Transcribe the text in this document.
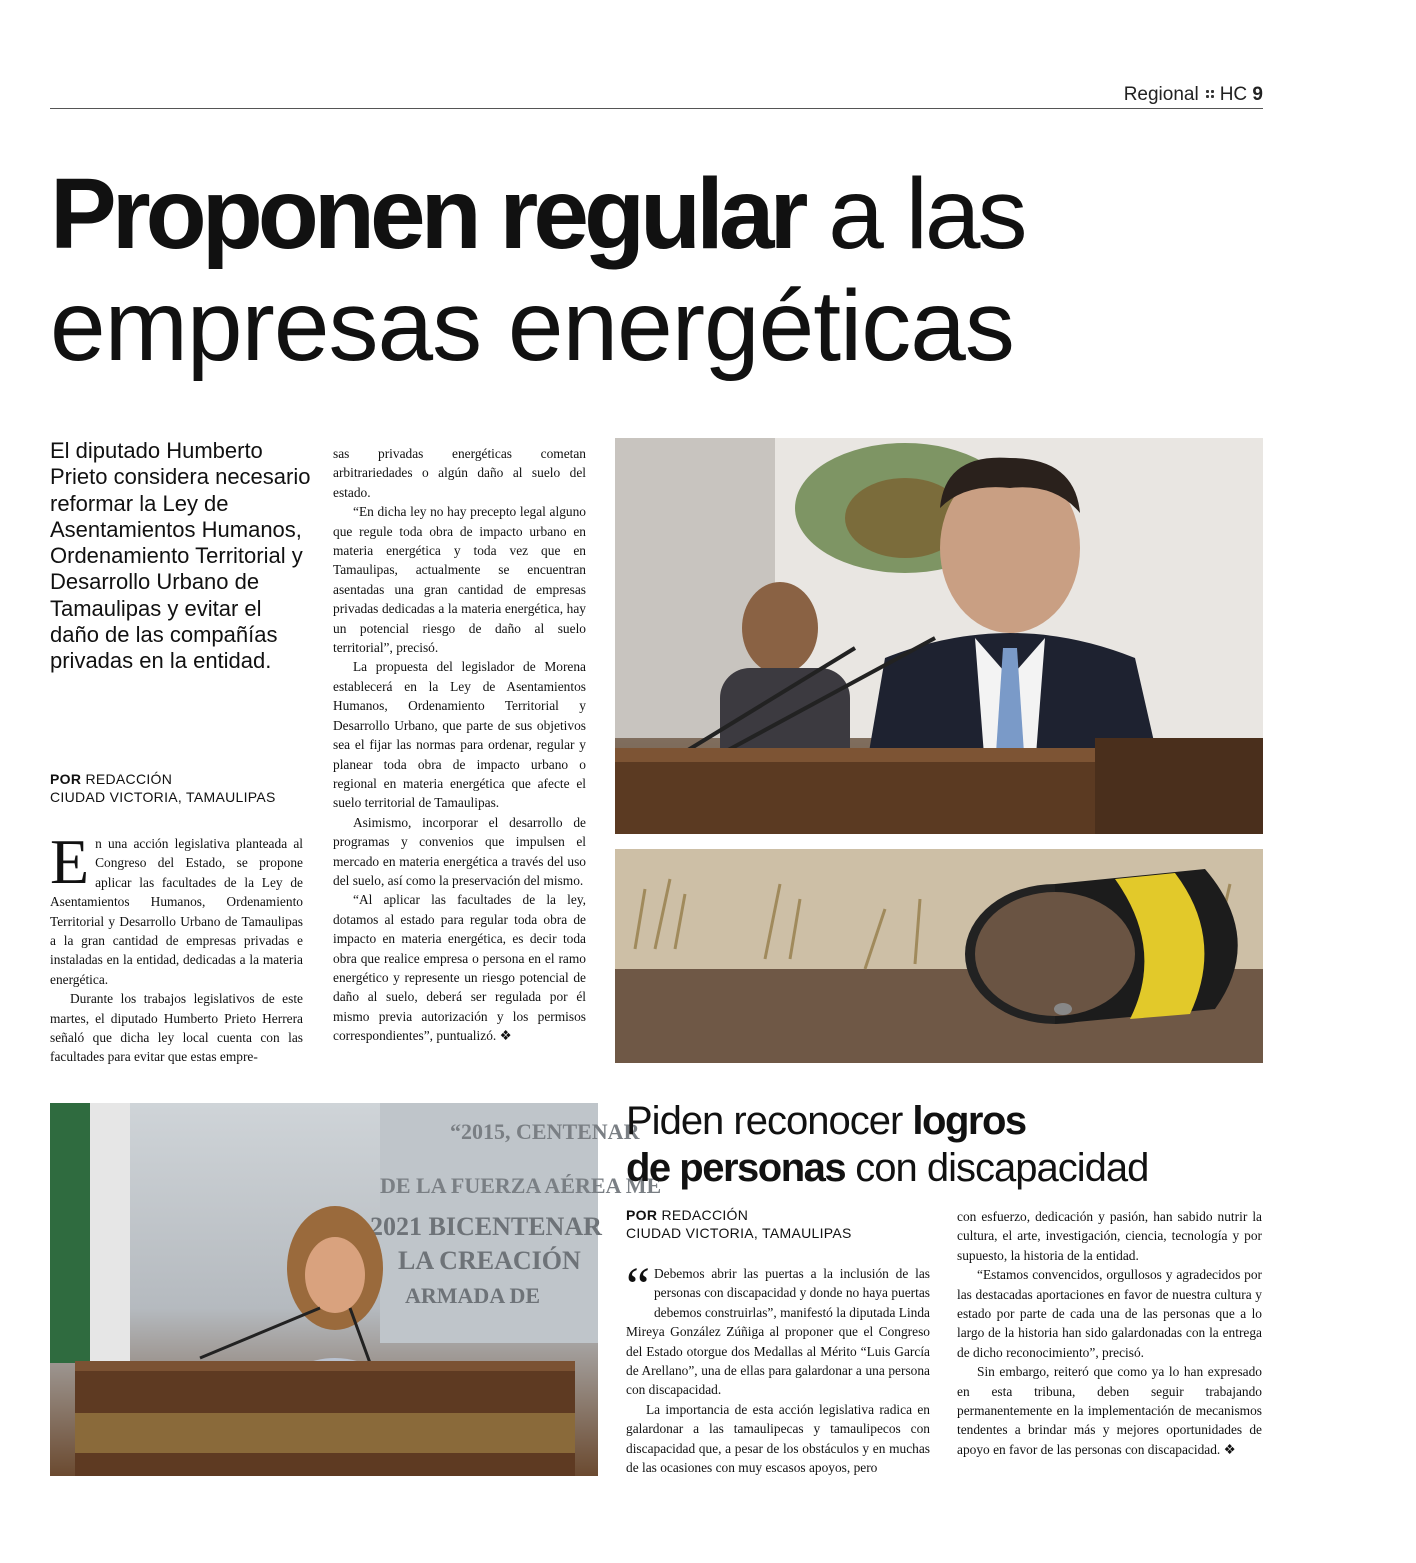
Regional HC 9
Proponen regular a las
empresas energéticas
El diputado Humberto Prieto considera necesario reformar la Ley de Asentamientos Humanos, Ordenamiento Territorial y Desarrollo Urbano de Tamaulipas y evitar el daño de las compañías privadas en la entidad.
POR REDACCIÓN
CIUDAD VICTORIA, TAMAULIPAS

En una acción legislativa planteada al Congreso del Estado, se propone aplicar las facultades de la Ley de Asentamientos Humanos, Ordenamiento Territorial y Desarrollo Urbano de Tamaulipas a la gran cantidad de empresas privadas e instaladas en la entidad, dedicadas a la materia energética.

Durante los trabajos legislativos de este martes, el diputado Humberto Prieto Herrera señaló que dicha ley local cuenta con las facultades para evitar que estas empre-

sas privadas energéticas cometan arbitrariedades o algún daño al suelo del estado.

“En dicha ley no hay precepto legal alguno que regule toda obra de impacto urbano en materia energética y toda vez que en Tamaulipas, actualmente se encuentran asentadas una gran cantidad de empresas privadas dedicadas a la materia energética, hay un potencial riesgo de daño al suelo territorial”, precisó.

La propuesta del legislador de Morena establecerá en la Ley de Asentamientos Humanos, Ordenamiento Territorial y Desarrollo Urbano, que parte de sus objetivos sea el fijar las normas para ordenar, regular y planear toda obra de impacto urbano o regional en materia energética que afecte el suelo territorial de Tamaulipas.

Asimismo, incorporar el desarrollo de programas y convenios que impulsen el mercado en materia energética a través del uso del suelo, así como la preservación del mismo.

“Al aplicar las facultades de la ley, dotamos al estado para regular toda obra de impacto en materia energética, es decir toda obra que realice empresa o persona en el ramo energético y represente un riesgo potencial de daño al suelo, deberá ser regulada por él mismo previa autorización y los permisos correspondientes”, puntualizó. ❖

“2015, CENTENAR
DE LA FUERZA AÉREA ME
2021 BICENTENAR
LA CREACIÓN
ARMADA DE
Piden reconocer logros
de personas con discapacidad
POR REDACCIÓN
CIUDAD VICTORIA, TAMAULIPAS

“ Debemos abrir las puertas a la inclusión de las personas con discapacidad y donde no haya puertas debemos construirlas”, manifestó la diputada Linda Mireya González Zúñiga al proponer que el Congreso del Estado otorgue dos Medallas al Mérito “Luis García de Arellano”, una de ellas para galardonar a una persona con discapacidad.

La importancia de esta acción legislativa radica en galardonar a las tamaulipecas y tamaulipecos con discapacidad que, a pesar de los obstáculos y en muchas de las ocasiones con muy escasos apoyos, pero

con esfuerzo, dedicación y pasión, han sabido nutrir la cultura, el arte, investigación, ciencia, tecnología y por supuesto, la historia de la entidad.

“Estamos convencidos, orgullosos y agradecidos por las destacadas aportaciones en favor de nuestra cultura y estado por parte de cada una de las personas que a lo largo de la historia han sido galardonadas con la entrega de dicho reconocimiento”, precisó.

Sin embargo, reiteró que como ya lo han expresado en esta tribuna, deben seguir trabajando permanentemente en la implementación de mecanismos tendentes a brindar más y mejores oportunidades de apoyo en favor de las personas con discapacidad. ❖
